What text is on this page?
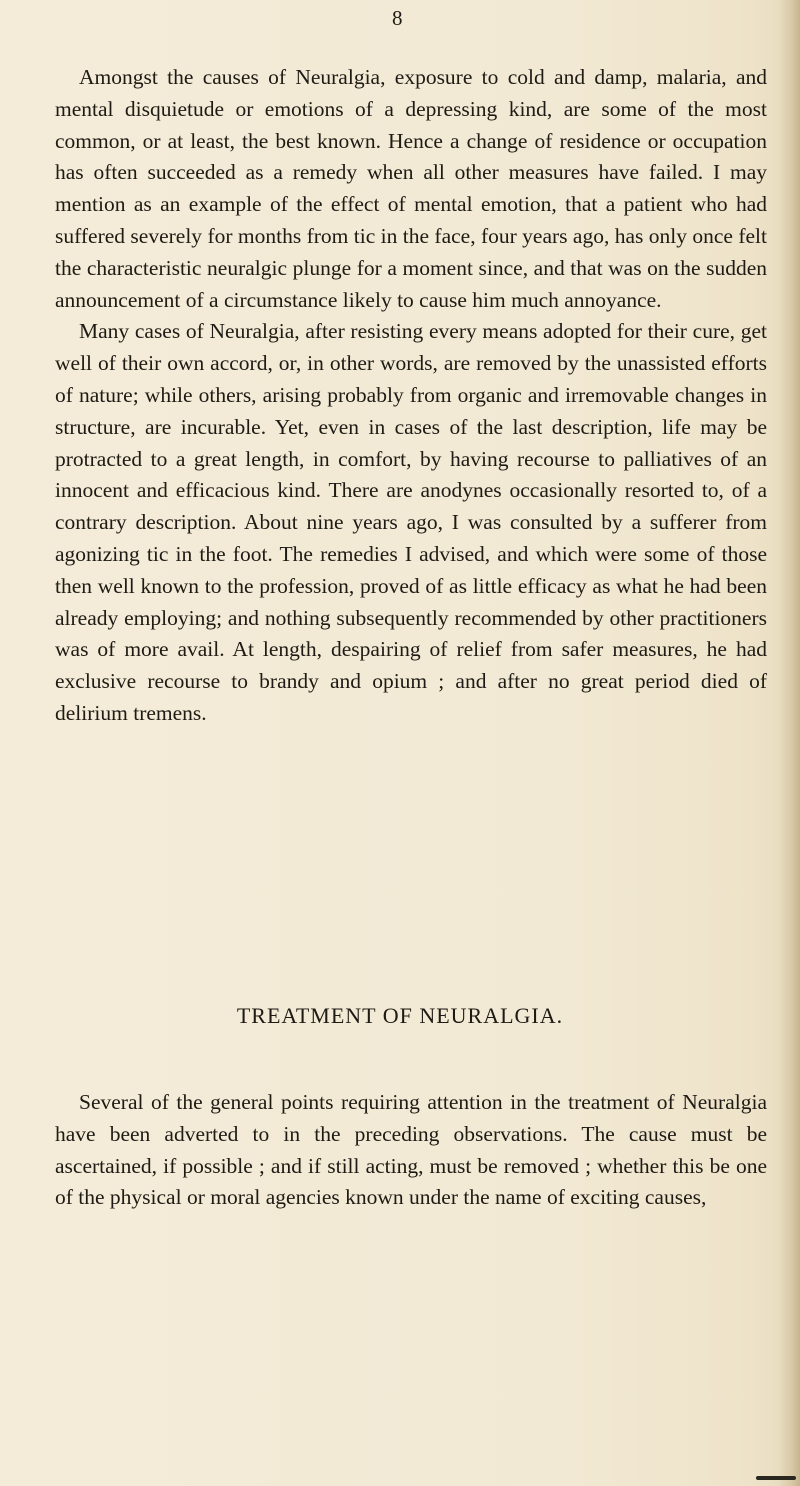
8

Amongst the causes of Neuralgia, exposure to cold and damp, malaria, and mental disquietude or emotions of a depressing kind, are some of the most common, or at least, the best known. Hence a change of residence or occupation has often succeeded as a remedy when all other measures have failed. I may mention as an example of the effect of mental emotion, that a patient who had suffered severely for months from tic in the face, four years ago, has only once felt the characteristic neuralgic plunge for a moment since, and that was on the sudden announcement of a circumstance likely to cause him much annoyance.

Many cases of Neuralgia, after resisting every means adopted for their cure, get well of their own accord, or, in other words, are removed by the unassisted efforts of nature; while others, arising probably from organic and irremovable changes in structure, are incurable. Yet, even in cases of the last description, life may be protracted to a great length, in comfort, by having recourse to palliatives of an innocent and efficacious kind. There are anodynes occasionally resorted to, of a contrary description. About nine years ago, I was consulted by a sufferer from agonizing tic in the foot. The remedies I advised, and which were some of those then well known to the profession, proved of as little efficacy as what he had been already employing; and nothing subsequently recommended by other practitioners was of more avail. At length, despairing of relief from safer measures, he had exclusive recourse to brandy and opium ; and after no great period died of delirium tremens.

TREATMENT OF NEURALGIA.

Several of the general points requiring attention in the treatment of Neuralgia have been adverted to in the preceding observations. The cause must be ascertained, if possible ; and if still acting, must be removed ; whether this be one of the physical or moral agencies known under the name of exciting causes,
